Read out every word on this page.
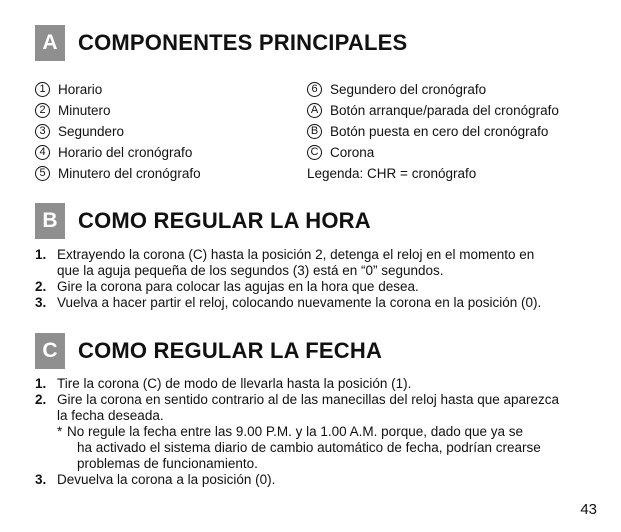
A COMPONENTES PRINCIPALES
1 Horario
2 Minutero
3 Segundero
4 Horario del cronógrafo
5 Minutero del cronógrafo
6 Segundero del cronógrafo
A Botón arranque/parada del cronógrafo
B Botón puesta en cero del cronógrafo
C Corona
Legenda: CHR = cronógrafo
B COMO REGULAR LA HORA
1. Extrayendo la corona (C) hasta la posición 2, detenga el reloj en el momento en
que la aguja pequeña de los segundos (3) está en “0” segundos.
2. Gire la corona para colocar las agujas en la hora que desea.
3. Vuelva a hacer partir el reloj, colocando nuevamente la corona en la posición (0).
C COMO REGULAR LA FECHA
1. Tire la corona (C) de modo de llevarla hasta la posición (1).
2. Gire la corona en sentido contrario al de las manecillas del reloj hasta que aparezca
la fecha deseada.
* No regule la fecha entre las 9.00 P.M. y la 1.00 A.M. porque, dado que ya se
ha activado el sistema diario de cambio automático de fecha, podrían crearse
problemas de funcionamiento.
3. Devuelva la corona a la posición (0).
43
